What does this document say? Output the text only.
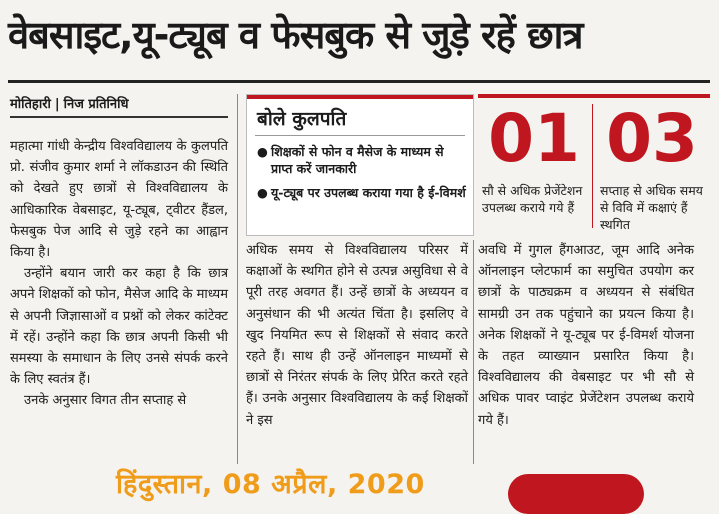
वेबसाइट,यू-ट्यूब व फेसबुक से जुड़े रहें छात्र
मोतिहारी | निज प्रतिनिधि

महात्मा गांधी केन्द्रीय विश्वविद्यालय के कुलपति प्रो. संजीव कुमार शर्मा ने लॉकडाउन की स्थिति को देखते हुए छात्रों से विश्वविद्यालय के आधिकारिक वेबसाइट, यू-ट्यूब, ट्वीटर हैंडल, फेसबुक पेज आदि से जुड़े रहने का आह्वान किया है।

उन्होंने बयान जारी कर कहा है कि छात्र अपने शिक्षकों को फोन, मैसेज आदि के माध्यम से अपनी जिज्ञासाओं व प्रश्नों को लेकर कांटेक्ट में रहें। उन्होंने कहा कि छात्र अपनी किसी भी समस्या के समाधान के लिए उनसे संपर्क करने के लिए स्वतंत्र हैं।

उनके अनुसार विगत तीन सप्ताह से

बोले कुलपति
● शिक्षकों से फोन व मैसेज के माध्यम से प्राप्त करें जानकारी
● यू-ट्यूब पर उपलब्ध कराया गया है ई-विमर्श
01
सौ से अधिक प्रेजेंटेशन उपलब्ध कराये गये हैं
03
सप्ताह से अधिक समय से विवि में कक्षाएं हैं स्थगित

अधिक समय से विश्वविद्यालय परिसर में कक्षाओं के स्थगित होने से उत्पन्न असुविधा से वे पूरी तरह अवगत हैं। उन्हें छात्रों के अध्ययन व अनुसंधान की भी अत्यंत चिंता है। इसलिए वे खुद नियमित रूप से शिक्षकों से संवाद करते रहते हैं। साथ ही उन्हें ऑनलाइन माध्यमों से छात्रों से निरंतर संपर्क के लिए प्रेरित करते रहते हैं। उनके अनुसार विश्वविद्यालय के कई शिक्षकों ने इस

अवधि में गुगल हैंगआउट, जूम आदि अनेक ऑनलाइन प्लेटफार्म का समुचित उपयोग कर छात्रों के पाठ्यक्रम व अध्ययन से संबंधित सामग्री उन तक पहुंचाने का प्रयत्न किया है। अनेक शिक्षकों ने यू-ट्यूब पर ई-विमर्श योजना के तहत व्याख्यान प्रसारित किया है। विश्वविद्यालय की वेबसाइट पर भी सौ से अधिक पावर प्वाइंट प्रेजेंटेशन उपलब्ध कराये गये हैं।

हिंदुस्तान, 08 अप्रैल, 2020
